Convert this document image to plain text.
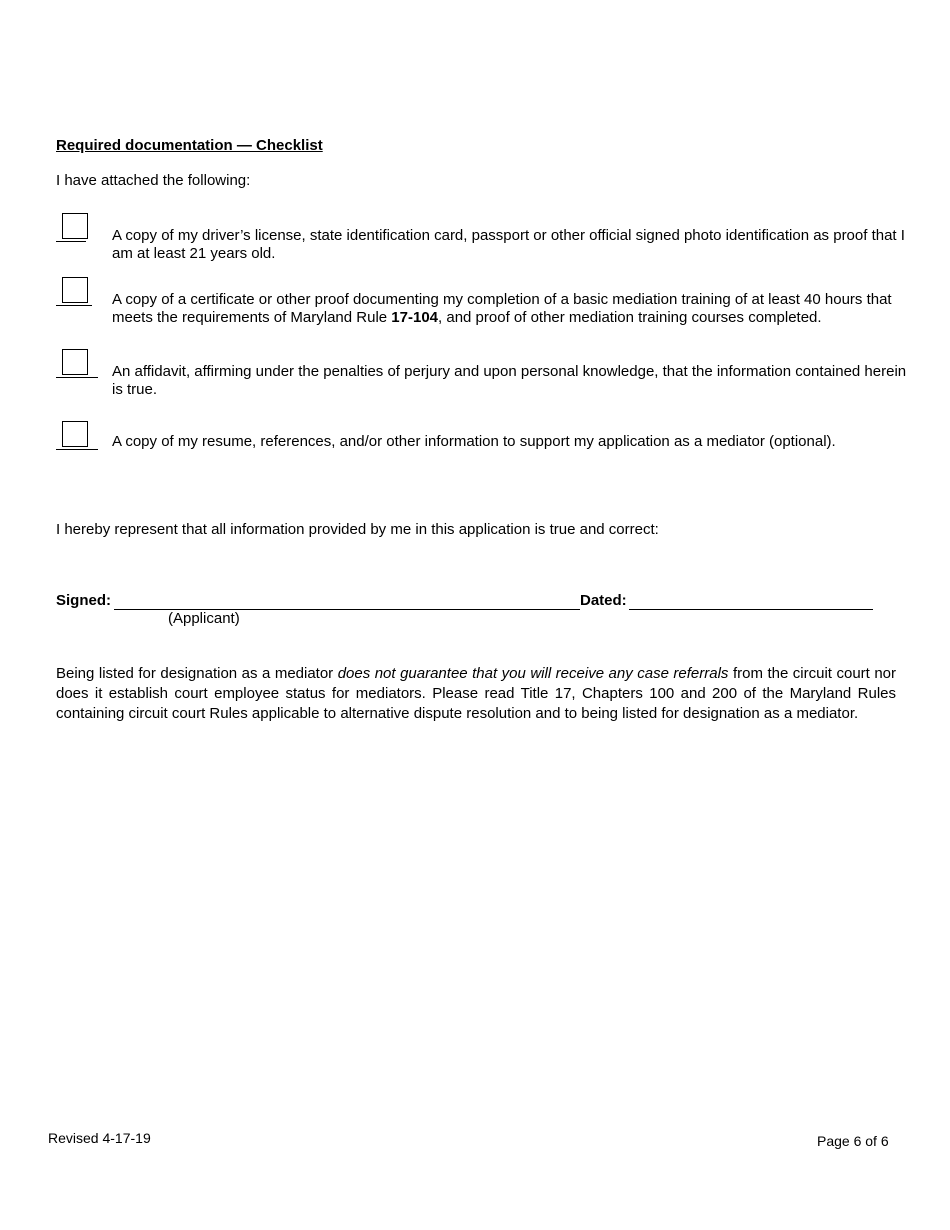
Required documentation — Checklist
I have attached the following:
A copy of my driver’s license, state identification card, passport or other official signed photo identification as proof that I am at least 21 years old.
A copy of a certificate or other proof documenting my completion of a basic mediation training of at least 40 hours that meets the requirements of Maryland Rule 17-104, and proof of other mediation training courses completed.
An affidavit, affirming under the penalties of perjury and upon personal knowledge, that the information contained herein is true.
A copy of my resume, references, and/or other information to support my application as a mediator (optional).
I hereby represent that all information provided by me in this application is true and correct:
Signed:	Dated:
(Applicant)
Being listed for designation as a mediator does not guarantee that you will receive any case referrals from the circuit court nor does it establish court employee status for mediators. Please read Title 17, Chapters 100 and 200 of the Maryland Rules containing circuit court Rules applicable to alternative dispute resolution and to being listed for designation as a mediator.
Revised 4-17-19	Page 6 of 6
